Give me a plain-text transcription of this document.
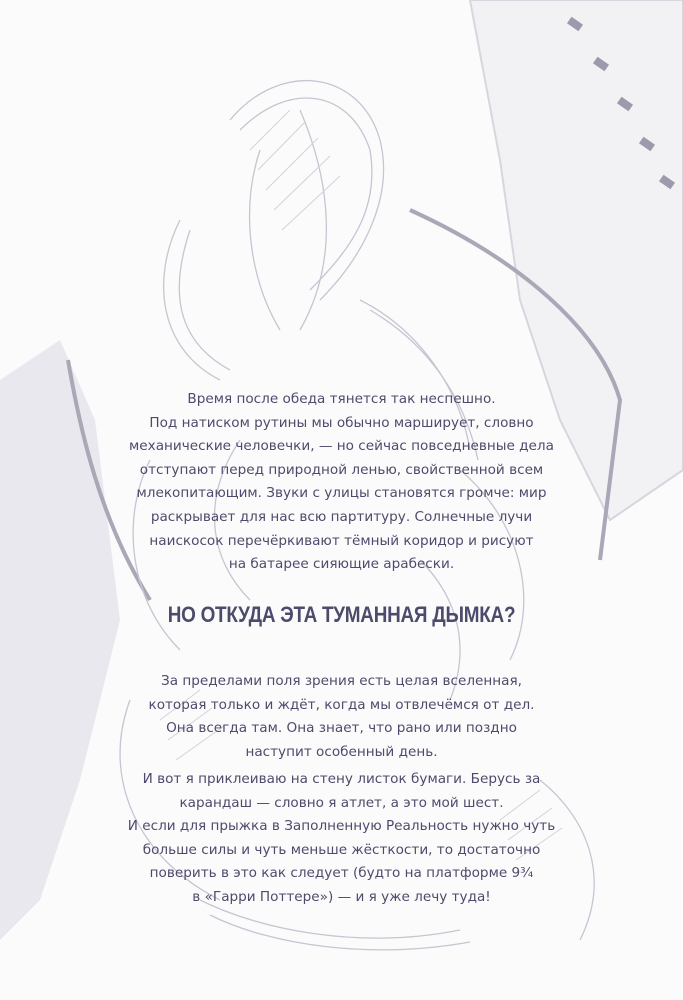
Время после обеда тянется так неспешно.
Под натиском рутины мы обычно марширует, словно
механические человечки, — но сейчас повседневные дела
отступают перед природной ленью, свойственной всем
млекопитающим. Звуки с улицы становятся громче: мир
раскрывает для нас всю партитуру. Солнечные лучи
наискосок перечёркивают тёмный коридор и рисуют
на батарее сияющие арабески.

НО ОТКУДА ЭТА ТУМАННАЯ ДЫМКА?

За пределами поля зрения есть целая вселенная,
которая только и ждёт, когда мы отвлечёмся от дел.
Она всегда там. Она знает, что рано или поздно
наступит особенный день.

И вот я приклеиваю на стену листок бумаги. Берусь за
карандаш — словно я атлет, а это мой шест.
И если для прыжка в Заполненную Реальность нужно чуть
больше силы и чуть меньше жёсткости, то достаточно
поверить в это как следует (будто на платформе 9¾
в «Гарри Поттере») — и я уже лечу туда!
